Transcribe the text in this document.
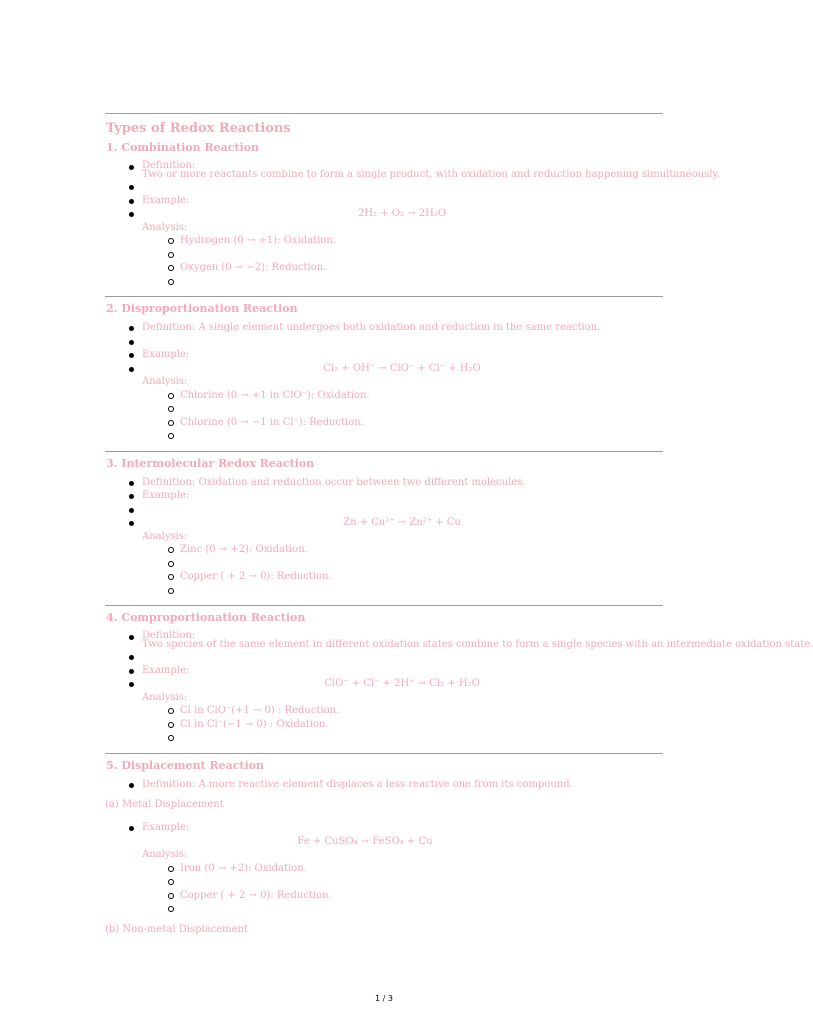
Types of Redox Reactions
1. Combination Reaction
Definition:
Two or more reactants combine to form a single product, with oxidation and reduction happening simultaneously.

Example:
2H₂ + O₂ → 2H₂O
Analysis:
Hydrogen (0 → +1): Oxidation.

Oxygen (0 → −2): Reduction.

2. Disproportionation Reaction
Definition: A single element undergoes both oxidation and reduction in the same reaction.

Example:
Cl₂ + OH⁻ → ClO⁻ + Cl⁻ + H₂O
Analysis:
Chlorine (0 → +1 in ClO⁻): Oxidation.

Chlorine (0 → −1 in Cl⁻): Reduction.

3. Intermolecular Redox Reaction
Definition: Oxidation and reduction occur between two different molecules.
Example:

Zn + Cu²⁺ → Zn²⁺ + Cu
Analysis:
Zinc (0 → +2): Oxidation.

Copper ( + 2 → 0): Reduction.

4. Comproportionation Reaction
Definition:
Two species of the same element in different oxidation states combine to form a single species with an intermediate oxidation state.

Example:
ClO⁻ + Cl⁻ + 2H⁺ → Cl₂ + H₂O
Analysis:
Cl in ClO⁻(+1 → 0) : Reduction.
Cl in Cl⁻(−1 → 0) : Oxidation.

5. Displacement Reaction
Definition: A more reactive element displaces a less reactive one from its compound.
(a) Metal Displacement
Example:
Fe + CuSO₄ → FeSO₄ + Cu
Analysis:
Iron (0 → +2): Oxidation.

Copper ( + 2 → 0): Reduction.

(b) Non-metal Displacement
1 / 3
